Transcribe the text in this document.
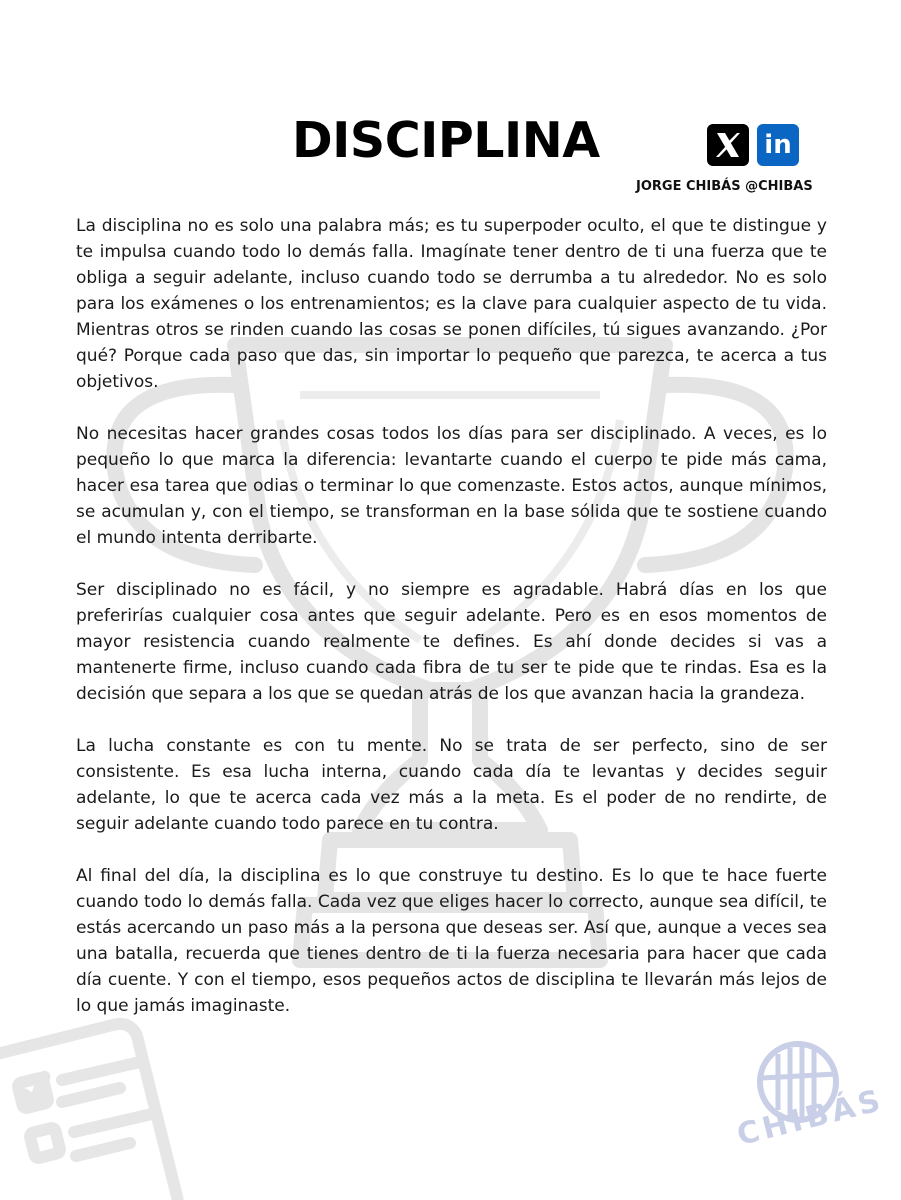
CHIBÁS
DISCIPLINA	in
JORGE CHIBÁS @CHIBAS

La disciplina no es solo una palabra más; es tu superpoder oculto, el que te distingue y te impulsa cuando todo lo demás falla. Imagínate tener dentro de ti una fuerza que te obliga a seguir adelante, incluso cuando todo se derrumba a tu alrededor. No es solo para los exámenes o los entrenamientos; es la clave para cualquier aspecto de tu vida. Mientras otros se rinden cuando las cosas se ponen difíciles, tú sigues avanzando. ¿Por qué? Porque cada paso que das, sin importar lo pequeño que parezca, te acerca a tus objetivos.

No necesitas hacer grandes cosas todos los días para ser disciplinado. A veces, es lo pequeño lo que marca la diferencia: levantarte cuando el cuerpo te pide más cama, hacer esa tarea que odias o terminar lo que comenzaste. Estos actos, aunque mínimos, se acumulan y, con el tiempo, se transforman en la base sólida que te sostiene cuando el mundo intenta derribarte.

Ser disciplinado no es fácil, y no siempre es agradable. Habrá días en los que preferirías cualquier cosa antes que seguir adelante. Pero es en esos momentos de mayor resistencia cuando realmente te defines. Es ahí donde decides si vas a mantenerte firme, incluso cuando cada fibra de tu ser te pide que te rindas. Esa es la decisión que separa a los que se quedan atrás de los que avanzan hacia la grandeza.

La lucha constante es con tu mente. No se trata de ser perfecto, sino de ser consistente. Es esa lucha interna, cuando cada día te levantas y decides seguir adelante, lo que te acerca cada vez más a la meta. Es el poder de no rendirte, de seguir adelante cuando todo parece en tu contra.

Al final del día, la disciplina es lo que construye tu destino. Es lo que te hace fuerte cuando todo lo demás falla. Cada vez que eliges hacer lo correcto, aunque sea difícil, te estás acercando un paso más a la persona que deseas ser. Así que, aunque a veces sea una batalla, recuerda que tienes dentro de ti la fuerza necesaria para hacer que cada día cuente. Y con el tiempo, esos pequeños actos de disciplina te llevarán más lejos de lo que jamás imaginaste.
